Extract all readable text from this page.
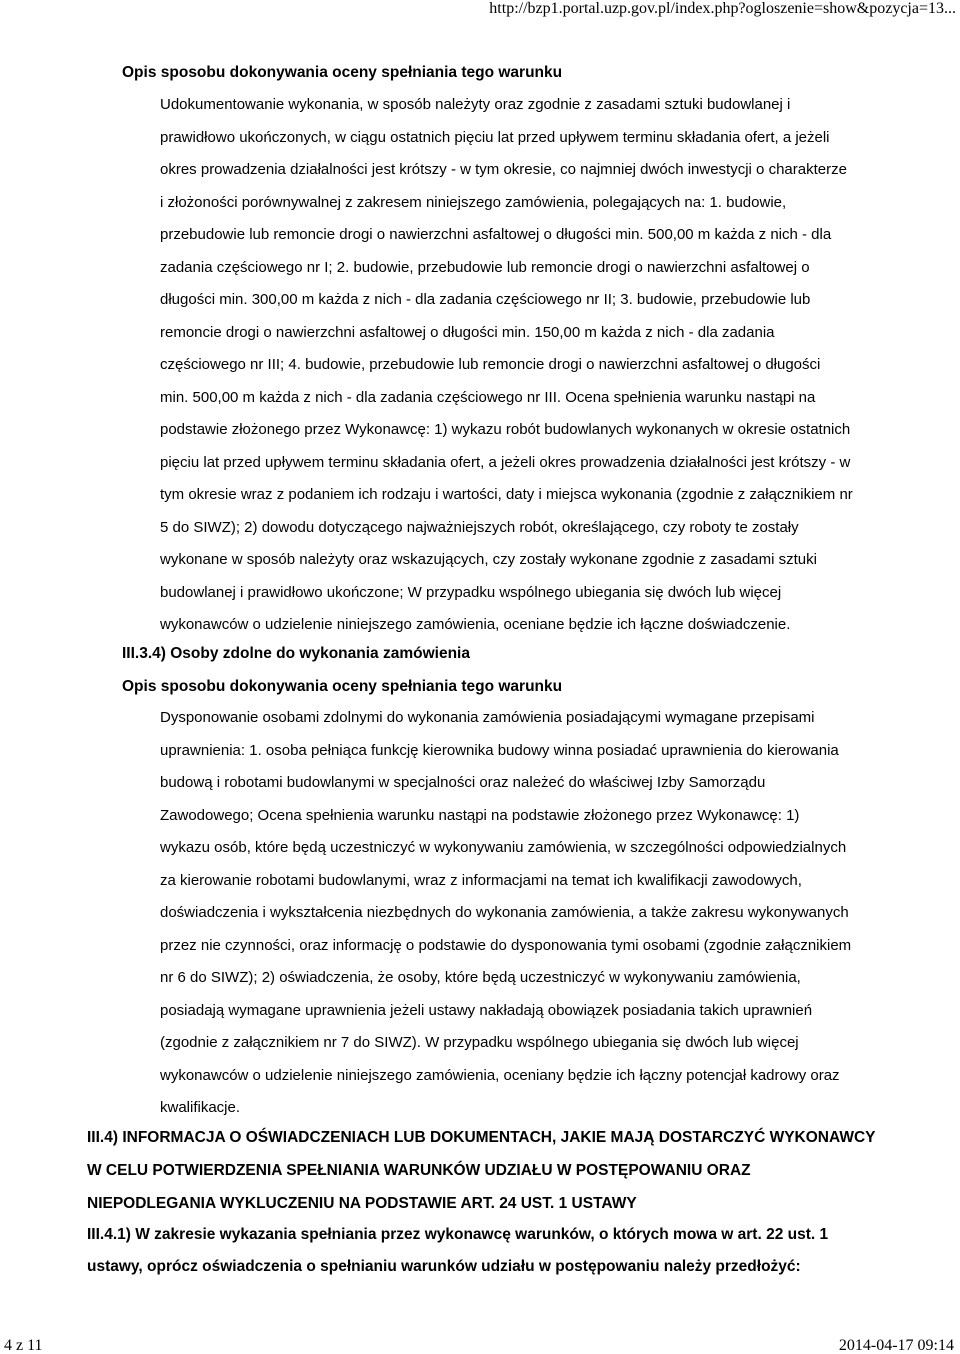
http://bzp1.portal.uzp.gov.pl/index.php?ogloszenie=show&pozycja=13...
Opis sposobu dokonywania oceny spełniania tego warunku
Udokumentowanie wykonania, w sposób należyty oraz zgodnie z zasadami sztuki budowlanej i
prawidłowo ukończonych, w ciągu ostatnich pięciu lat przed upływem terminu składania ofert, a jeżeli
okres prowadzenia działalności jest krótszy - w tym okresie, co najmniej dwóch inwestycji o charakterze
i złożoności porównywalnej z zakresem niniejszego zamówienia, polegających na: 1. budowie,
przebudowie lub remoncie drogi o nawierzchni asfaltowej o długości min. 500,00 m każda z nich - dla
zadania częściowego nr I; 2. budowie, przebudowie lub remoncie drogi o nawierzchni asfaltowej o
długości min. 300,00 m każda z nich - dla zadania częściowego nr II; 3. budowie, przebudowie lub
remoncie drogi o nawierzchni asfaltowej o długości min. 150,00 m każda z nich - dla zadania
częściowego nr III; 4. budowie, przebudowie lub remoncie drogi o nawierzchni asfaltowej o długości
min. 500,00 m każda z nich - dla zadania częściowego nr III. Ocena spełnienia warunku nastąpi na
podstawie złożonego przez Wykonawcę: 1) wykazu robót budowlanych wykonanych w okresie ostatnich
pięciu lat przed upływem terminu składania ofert, a jeżeli okres prowadzenia działalności jest krótszy - w
tym okresie wraz z podaniem ich rodzaju i wartości, daty i miejsca wykonania (zgodnie z załącznikiem nr
5 do SIWZ); 2) dowodu dotyczącego najważniejszych robót, określającego, czy roboty te zostały
wykonane w sposób należyty oraz wskazujących, czy zostały wykonane zgodnie z zasadami sztuki
budowlanej i prawidłowo ukończone; W przypadku wspólnego ubiegania się dwóch lub więcej
wykonawców o udzielenie niniejszego zamówienia, oceniane będzie ich łączne doświadczenie.
III.3.4) Osoby zdolne do wykonania zamówienia
Opis sposobu dokonywania oceny spełniania tego warunku
Dysponowanie osobami zdolnymi do wykonania zamówienia posiadającymi wymagane przepisami
uprawnienia: 1. osoba pełniąca funkcję kierownika budowy winna posiadać uprawnienia do kierowania
budową i robotami budowlanymi w specjalności oraz należeć do właściwej Izby Samorządu
Zawodowego; Ocena spełnienia warunku nastąpi na podstawie złożonego przez Wykonawcę: 1)
wykazu osób, które będą uczestniczyć w wykonywaniu zamówienia, w szczególności odpowiedzialnych
za kierowanie robotami budowlanymi, wraz z informacjami na temat ich kwalifikacji zawodowych,
doświadczenia i wykształcenia niezbędnych do wykonania zamówienia, a także zakresu wykonywanych
przez nie czynności, oraz informację o podstawie do dysponowania tymi osobami (zgodnie załącznikiem
nr 6 do SIWZ); 2) oświadczenia, że osoby, które będą uczestniczyć w wykonywaniu zamówienia,
posiadają wymagane uprawnienia jeżeli ustawy nakładają obowiązek posiadania takich uprawnień
(zgodnie z załącznikiem nr 7 do SIWZ). W przypadku wspólnego ubiegania się dwóch lub więcej
wykonawców o udzielenie niniejszego zamówienia, oceniany będzie ich łączny potencjał kadrowy oraz
kwalifikacje.
III.4) INFORMACJA O OŚWIADCZENIACH LUB DOKUMENTACH, JAKIE MAJĄ DOSTARCZYĆ WYKONAWCY
W CELU POTWIERDZENIA SPEŁNIANIA WARUNKÓW UDZIAŁU W POSTĘPOWANIU ORAZ
NIEPODLEGANIA WYKLUCZENIU NA PODSTAWIE ART. 24 UST. 1 USTAWY
III.4.1) W zakresie wykazania spełniania przez wykonawcę warunków, o których mowa w art. 22 ust. 1
ustawy, oprócz oświadczenia o spełnianiu warunków udziału w postępowaniu należy przedłożyć:
4 z 11	2014-04-17 09:14
